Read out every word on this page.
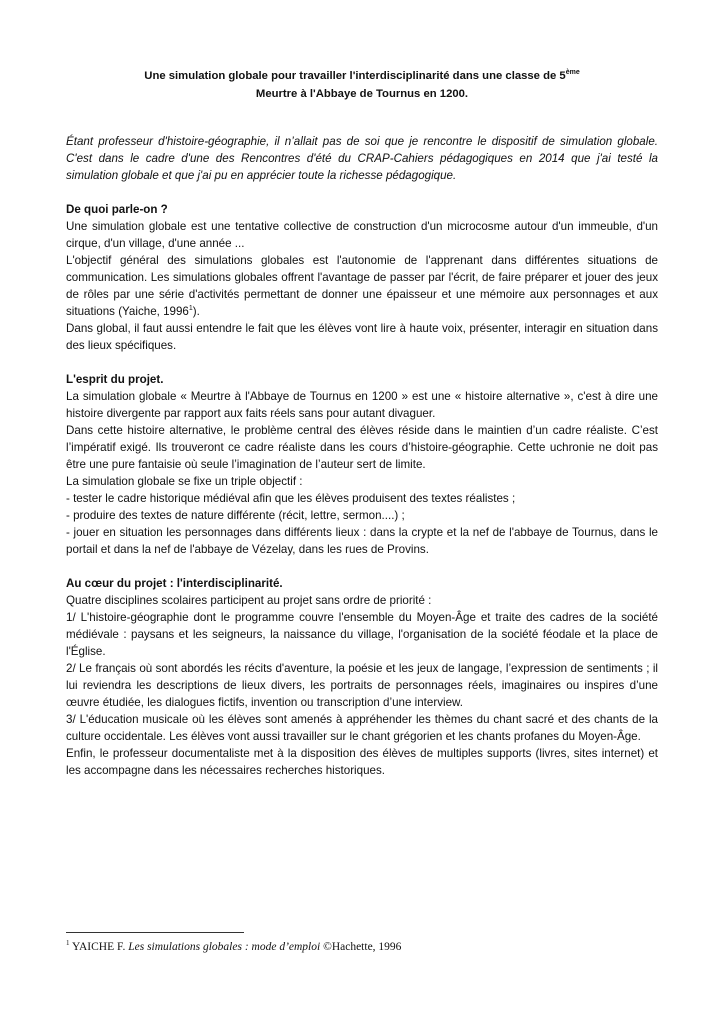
Une simulation globale pour travailler l'interdisciplinarité dans une classe de 5ème
Meurtre à l'Abbaye de Tournus en 1200.

Étant professeur d'histoire-géographie, il n’allait pas de soi que je rencontre le dispositif de simulation globale. C'est dans le cadre d'une des Rencontres d'été du CRAP-Cahiers pédagogiques en 2014 que j'ai testé la simulation globale et que j'ai pu en apprécier toute la richesse pédagogique.

De quoi parle-on ?

Une simulation globale est une tentative collective de construction d'un microcosme autour d'un immeuble, d'un cirque, d'un village, d'une année ...

L'objectif général des simulations globales est l'autonomie de l'apprenant dans différentes situations de communication. Les simulations globales offrent l'avantage de passer par l'écrit, de faire préparer et jouer des jeux de rôles par une série d'activités permettant de donner une épaisseur et une mémoire aux personnages et aux situations (Yaiche, 1996$^1$).

Dans global, il faut aussi entendre le fait que les élèves vont lire à haute voix, présenter, interagir en situation dans des lieux spécifiques.

L'esprit du projet.

La simulation globale « Meurtre à l'Abbaye de Tournus en 1200 » est une « histoire alternative », c'est à dire une histoire divergente par rapport aux faits réels sans pour autant divaguer.

Dans cette histoire alternative, le problème central des élèves réside dans le maintien d’un cadre réaliste. C’est l’impératif exigé. Ils trouveront ce cadre réaliste dans les cours d’histoire-géographie. Cette uchronie ne doit pas être une pure fantaisie où seule l’imagination de l’auteur sert de limite.

La simulation globale se fixe un triple objectif :

- tester le cadre historique médiéval afin que les élèves produisent des textes réalistes ;

- produire des textes de nature différente (récit, lettre, sermon....) ;

- jouer en situation les personnages dans différents lieux : dans la crypte et la nef de l'abbaye de Tournus, dans le portail et dans la nef de l'abbaye de Vézelay, dans les rues de Provins.

Au cœur du projet : l'interdisciplinarité.

Quatre disciplines scolaires participent au projet sans ordre de priorité :

1/ L'histoire-géographie dont le programme couvre l'ensemble du Moyen-Âge et traite des cadres de la société médiévale : paysans et les seigneurs, la naissance du village, l'organisation de la société féodale et la place de l'Église.

2/ Le français où sont abordés les récits d'aventure, la poésie et les jeux de langage, l’expression de sentiments ; il lui reviendra les descriptions de lieux divers, les portraits de personnages réels, imaginaires ou inspires d’une œuvre étudiée, les dialogues fictifs, invention ou transcription d’une interview.

3/ L'éducation musicale où les élèves sont amenés à appréhender les thèmes du chant sacré et des chants de la culture occidentale. Les élèves vont aussi travailler sur le chant grégorien et les chants profanes du Moyen-Âge.

Enfin, le professeur documentaliste met à la disposition des élèves de multiples supports (livres, sites internet) et les accompagne dans les nécessaires recherches historiques.

$^1$ YAICHE F. Les simulations globales : mode d’emploi ©Hachette, 1996
